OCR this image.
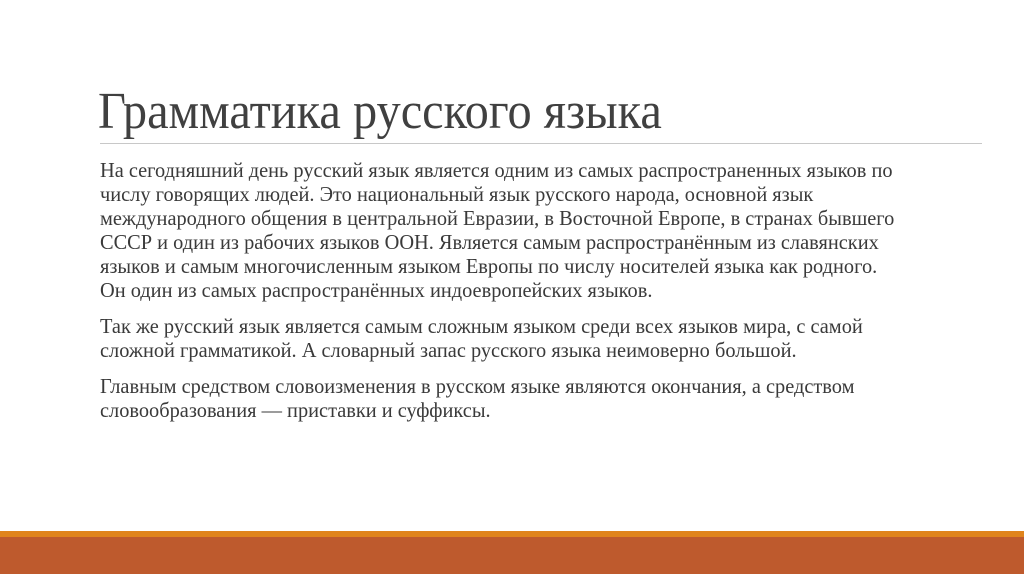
Грамматика русского языка

На сегодняшний день русский язык является одним из самых распространенных языков по
числу говорящих людей. Это национальный язык русского народа, основной язык
международного общения в центральной Евразии, в Восточной Европе, в странах бывшего
СССР и один из рабочих языков ООН. Является самым распространённым из славянских
языков и самым многочисленным языком Европы по числу носителей языка как родного.
Он один из самых распространённых индоевропейских языков.

Так же русский язык является самым сложным языком среди всех языков мира, с самой
сложной грамматикой. А словарный запас русского языка неимоверно большой.

Главным средством словоизменения в русском языке являются окончания, а средством
словообразования — приставки и суффиксы.
